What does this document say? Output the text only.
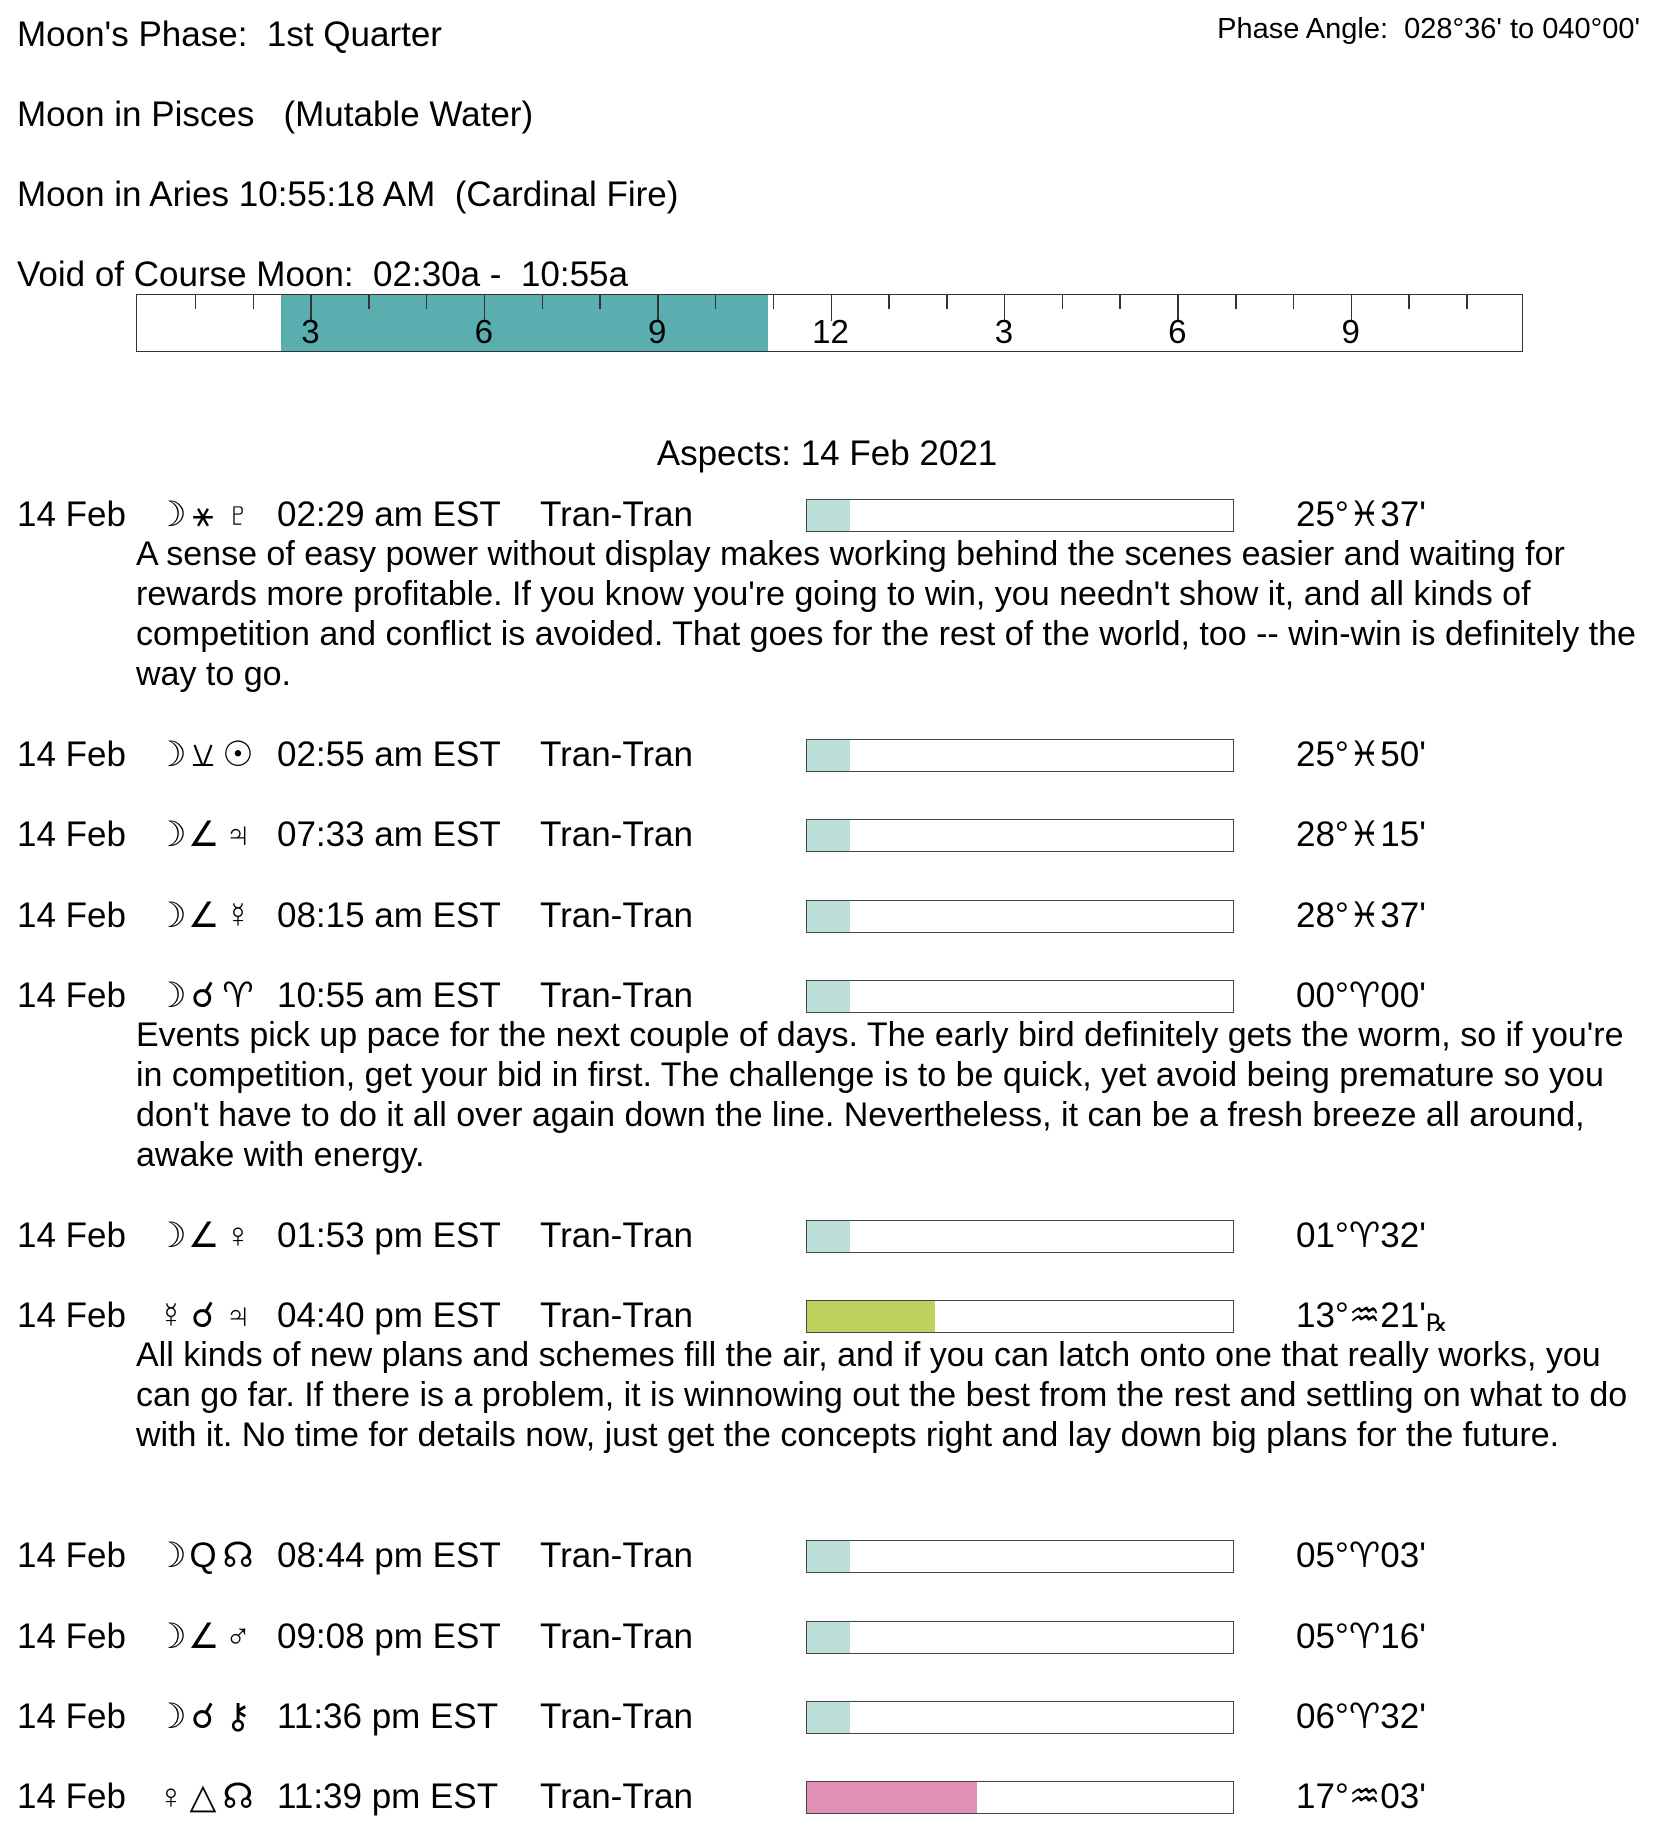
Moon's Phase:  1st Quarter	Phase Angle:  028°36' to 040°00'
Moon in Pisces   (Mutable Water)
Moon in Aries 10:55:18 AM  (Cardinal Fire)
Void of Course Moon:  02:30a -  10:55a
3	6	9	12	3	6	9
Aspects: 14 Feb 2021
14 Feb ☽ ⚹ ♇ 02:29 am EST Tran-Tran	25°♓37'
A sense of easy power without display makes working behind the scenes easier and waiting for rewards more profitable. If you know you're going to win, you needn't show it, and all kinds of competition and conflict is avoided. That goes for the rest of the world, too -- win-win is definitely the way to go.
14 Feb ☽ ⚺ ☉ 02:55 am EST Tran-Tran	25°♓50'
14 Feb ☽ ∠ ♃ 07:33 am EST Tran-Tran	28°♓15'
14 Feb ☽ ∠ ☿ 08:15 am EST Tran-Tran	28°♓37'
14 Feb ☽ ☌ ♈ 10:55 am EST Tran-Tran	00°♈00'
Events pick up pace for the next couple of days. The early bird definitely gets the worm, so if you're in competition, get your bid in first. The challenge is to be quick, yet avoid being premature so you don't have to do it all over again down the line. Nevertheless, it can be a fresh breeze all around, awake with energy.
14 Feb ☽ ∠ ♀ 01:53 pm EST Tran-Tran	01°♈32'
14 Feb ☿ ☌ ♃ 04:40 pm EST Tran-Tran	13°♒21'℞
All kinds of new plans and schemes fill the air, and if you can latch onto one that really works, you can go far. If there is a problem, it is winnowing out the best from the rest and settling on what to do with it. No time for details now, just get the concepts right and lay down big plans for the future.
14 Feb ☽ Q ☊ 08:44 pm EST Tran-Tran	05°♈03'
14 Feb ☽ ∠ ♂ 09:08 pm EST Tran-Tran	05°♈16'
14 Feb ☽ ☌ ⚷ 11:36 pm EST Tran-Tran	06°♈32'
14 Feb ♀ △ ☊ 11:39 pm EST Tran-Tran	17°♒03'
